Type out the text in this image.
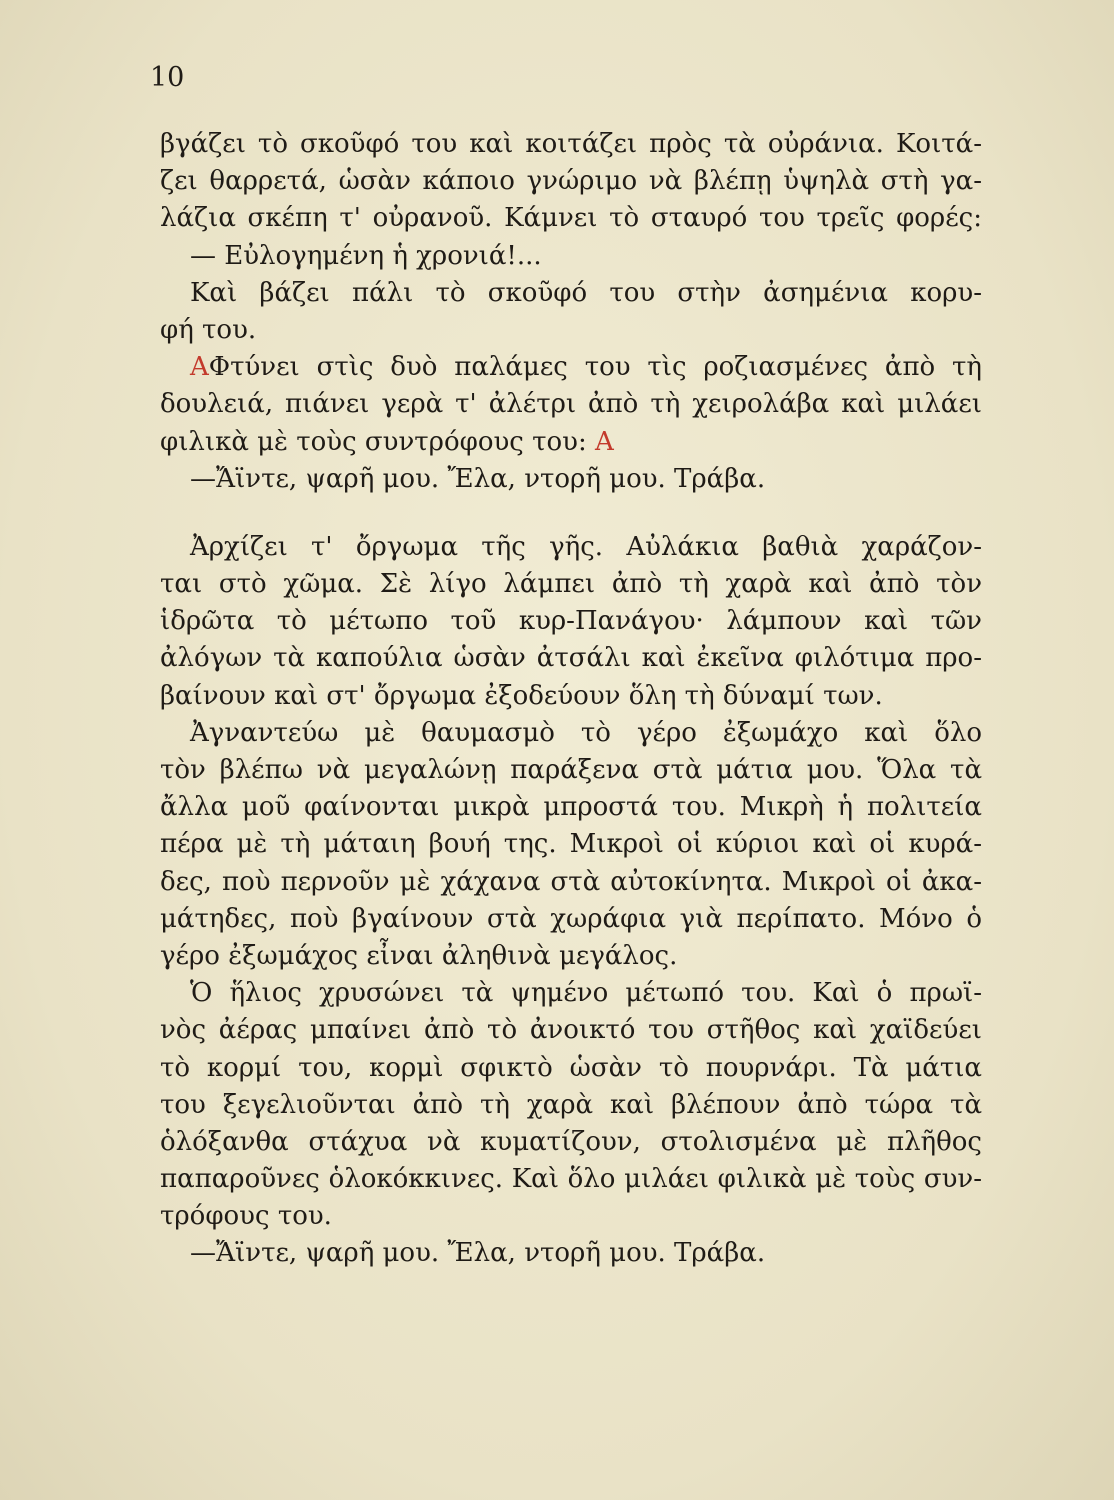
10
βγάζει τὸ σκοῦφό του καὶ κοιτάζει πρὸς τὰ οὐράνια. Κοιτά-
ζει θαρρετά, ὡσὰν κάποιο γνώριμο νὰ βλέπῃ ὑψηλὰ στὴ γα-
λάζια σκέπη τ' οὐρανοῦ. Κάμνει τὸ σταυρό του τρεῖς φορές:
— Εὐλογημένη ἡ χρονιά!...
Καὶ βάζει πάλι τὸ σκοῦφό του στὴν ἀσημένια κορυ-
φή του.
AΦτύνει στὶς δυὸ παλάμες του τὶς ροζιασμένες ἀπὸ τὴ
δουλειά, πιάνει γερὰ τ' ἀλέτρι ἀπὸ τὴ χειρολάβα καὶ μιλάει
φιλικὰ μὲ τοὺς συντρόφους του: A
—Ἄϊντε, ψαρῆ μου. Ἔλα, ντορῆ μου. Τράβα.
Ἀρχίζει τ' ὄργωμα τῆς γῆς. Αὐλάκια βαθιὰ χαράζον-
ται στὸ χῶμα. Σὲ λίγο λάμπει ἀπὸ τὴ χαρὰ καὶ ἀπὸ τὸν
ἱδρῶτα τὸ μέτωπο τοῦ κυρ-Πανάγου· λάμπουν καὶ τῶν
ἀλόγων τὰ καπούλια ὡσὰν ἀτσάλι καὶ ἐκεῖνα φιλότιμα προ-
βαίνουν καὶ στ' ὄργωμα ἐξοδεύουν ὅλη τὴ δύναμί των.
Ἀγναντεύω μὲ θαυμασμὸ τὸ γέρο ἐξωμάχο καὶ ὅλο
τὸν βλέπω νὰ μεγαλώνῃ παράξενα στὰ μάτια μου. Ὅλα τὰ
ἄλλα μοῦ φαίνονται μικρὰ μπροστά του. Μικρὴ ἡ πολιτεία
πέρα μὲ τὴ μάταιη βουή της. Μικροὶ οἱ κύριοι καὶ οἱ κυρά-
δες, ποὺ περνοῦν μὲ χάχανα στὰ αὐτοκίνητα. Μικροὶ οἱ ἀκα-
μάτηδες, ποὺ βγαίνουν στὰ χωράφια γιὰ περίπατο. Μόνο ὁ
γέρο ἐξωμάχος εἶναι ἀληθινὰ μεγάλος.
Ὁ ἥλιος χρυσώνει τὰ ψημένο μέτωπό του. Καὶ ὁ πρωϊ-
νὸς ἀέρας μπαίνει ἀπὸ τὸ ἀνοικτό του στῆθος καὶ χαϊδεύει
τὸ κορμί του, κορμὶ σφικτὸ ὡσὰν τὸ πουρνάρι. Τὰ μάτια
του ξεγελιοῦνται ἀπὸ τὴ χαρὰ καὶ βλέπουν ἀπὸ τώρα τὰ
ὁλόξανθα στάχυα νὰ κυματίζουν, στολισμένα μὲ πλῆθος
παπαροῦνες ὁλοκόκκινες. Καὶ ὅλο μιλάει φιλικὰ μὲ τοὺς συν-
τρόφους του.
—Ἄϊντε, ψαρῆ μου. Ἔλα, ντορῆ μου. Τράβα.
